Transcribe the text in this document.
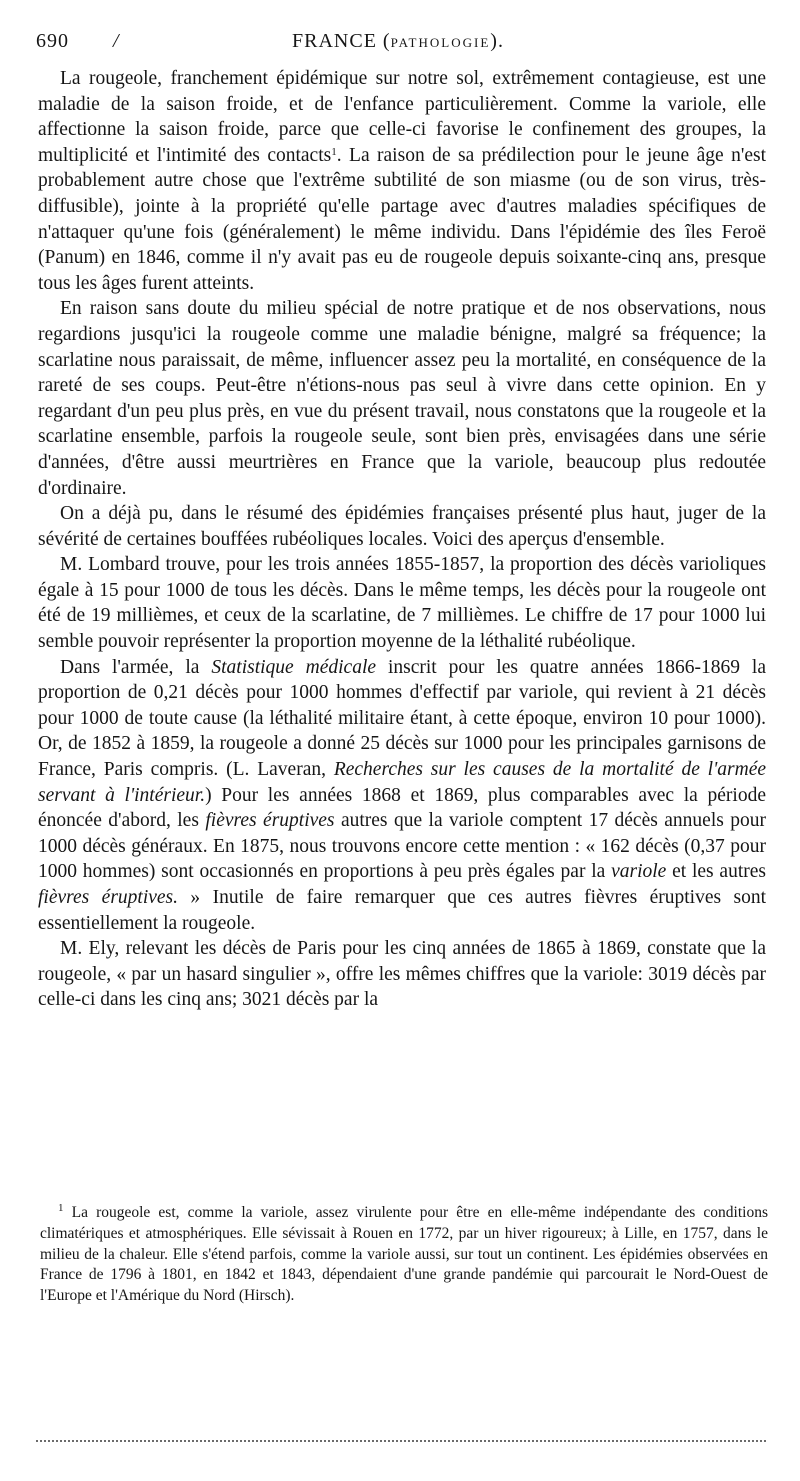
690 /	FRANCE (PATHOLOGIE).

La rougeole, franchement épidémique sur notre sol, extrêmement contagieuse, est une maladie de la saison froide, et de l'enfance particulièrement. Comme la variole, elle affectionne la saison froide, parce que celle-ci favorise le confinement des groupes, la multiplicité et l'intimité des contacts$^1$. La raison de sa prédilection pour le jeune âge n'est probablement autre chose que l'extrême subtilité de son miasme (ou de son virus, très-diffusible), jointe à la propriété qu'elle partage avec d'autres maladies spécifiques de n'attaquer qu'une fois (généralement) le même individu. Dans l'épidémie des îles Feroë (Panum) en 1846, comme il n'y avait pas eu de rougeole depuis soixante-cinq ans, presque tous les âges furent atteints.

En raison sans doute du milieu spécial de notre pratique et de nos observations, nous regardions jusqu'ici la rougeole comme une maladie bénigne, malgré sa fréquence; la scarlatine nous paraissait, de même, influencer assez peu la mortalité, en conséquence de la rareté de ses coups. Peut-être n'étions-nous pas seul à vivre dans cette opinion. En y regardant d'un peu plus près, en vue du présent travail, nous constatons que la rougeole et la scarlatine ensemble, parfois la rougeole seule, sont bien près, envisagées dans une série d'années, d'être aussi meurtrières en France que la variole, beaucoup plus redoutée d'ordinaire.

On a déjà pu, dans le résumé des épidémies françaises présenté plus haut, juger de la sévérité de certaines bouffées rubéoliques locales. Voici des aperçus d'ensemble.

M. Lombard trouve, pour les trois années 1855-1857, la proportion des décès varioliques égale à 15 pour 1000 de tous les décès. Dans le même temps, les décès pour la rougeole ont été de 19 millièmes, et ceux de la scarlatine, de 7 millièmes. Le chiffre de 17 pour 1000 lui semble pouvoir représenter la proportion moyenne de la léthalité rubéolique.

Dans l'armée, la Statistique médicale inscrit pour les quatre années 1866-1869 la proportion de 0,21 décès pour 1000 hommes d'effectif par variole, qui revient à 21 décès pour 1000 de toute cause (la léthalité militaire étant, à cette époque, environ 10 pour 1000). Or, de 1852 à 1859, la rougeole a donné 25 décès sur 1000 pour les principales garnisons de France, Paris compris. (L. Laveran, Recherches sur les causes de la mortalité de l'armée servant à l'intérieur.) Pour les années 1868 et 1869, plus comparables avec la période énoncée d'abord, les fièvres éruptives autres que la variole comptent 17 décès annuels pour 1000 décès généraux. En 1875, nous trouvons encore cette mention : « 162 décès (0,37 pour 1000 hommes) sont occasionnés en proportions à peu près égales par la variole et les autres fièvres éruptives. » Inutile de faire remarquer que ces autres fièvres éruptives sont essentiellement la rougeole.

M. Ely, relevant les décès de Paris pour les cinq années de 1865 à 1869, constate que la rougeole, « par un hasard singulier », offre les mêmes chiffres que la variole: 3019 décès par celle-ci dans les cinq ans; 3021 décès par la

$^1$ La rougeole est, comme la variole, assez virulente pour être en elle-même indépendante des conditions climatériques et atmosphériques. Elle sévissait à Rouen en 1772, par un hiver rigoureux; à Lille, en 1757, dans le milieu de la chaleur. Elle s'étend parfois, comme la variole aussi, sur tout un continent. Les épidémies observées en France de 1796 à 1801, en 1842 et 1843, dépendaient d'une grande pandémie qui parcourait le Nord-Ouest de l'Europe et l'Amérique du Nord (Hirsch).
